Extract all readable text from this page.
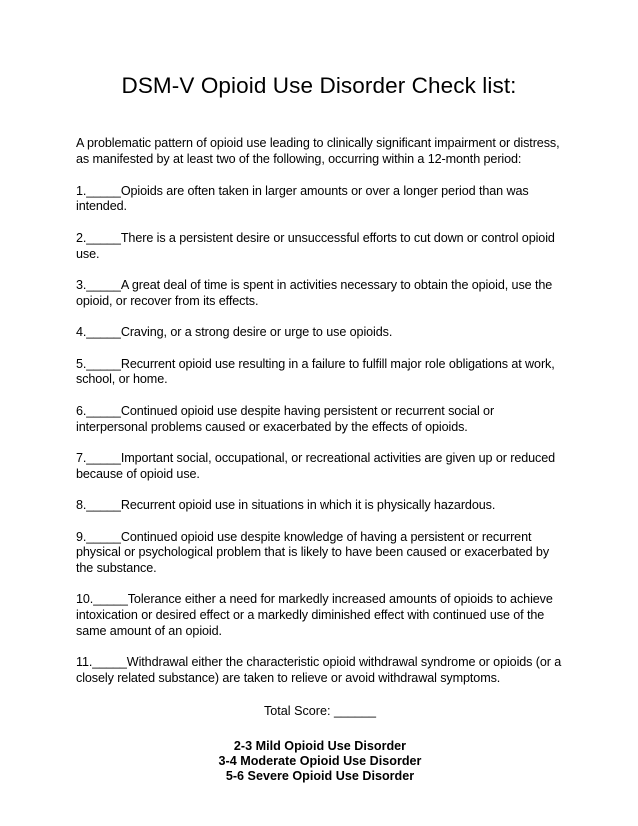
DSM-V Opioid Use Disorder Check list:

A problematic pattern of opioid use leading to clinically significant impairment or distress, as manifested by at least two of the following, occurring within a 12-month period:

1._____Opioids are often taken in larger amounts or over a longer period than was intended.

2._____There is a persistent desire or unsuccessful efforts to cut down or control opioid use.

3._____A great deal of time is spent in activities necessary to obtain the opioid, use the opioid, or recover from its effects.

4._____Craving, or a strong desire or urge to use opioids.

5._____Recurrent opioid use resulting in a failure to fulfill major role obligations at work, school, or home.

6._____Continued opioid use despite having persistent or recurrent social or interpersonal problems caused or exacerbated by the effects of opioids.

7._____Important social, occupational, or recreational activities are given up or reduced because of opioid use.

8._____Recurrent opioid use in situations in which it is physically hazardous.

9._____Continued opioid use despite knowledge of having a persistent or recurrent physical or psychological problem that is likely to have been caused or exacerbated by the substance.

10._____Tolerance either a need for markedly increased amounts of opioids to achieve intoxication or desired effect or a markedly diminished effect with continued use of the same amount of an opioid.

11._____Withdrawal either the characteristic opioid withdrawal syndrome or opioids (or a closely related substance) are taken to relieve or avoid withdrawal symptoms.

Total Score: ______

2-3 Mild Opioid Use Disorder
3-4 Moderate Opioid Use Disorder
5-6 Severe Opioid Use Disorder
